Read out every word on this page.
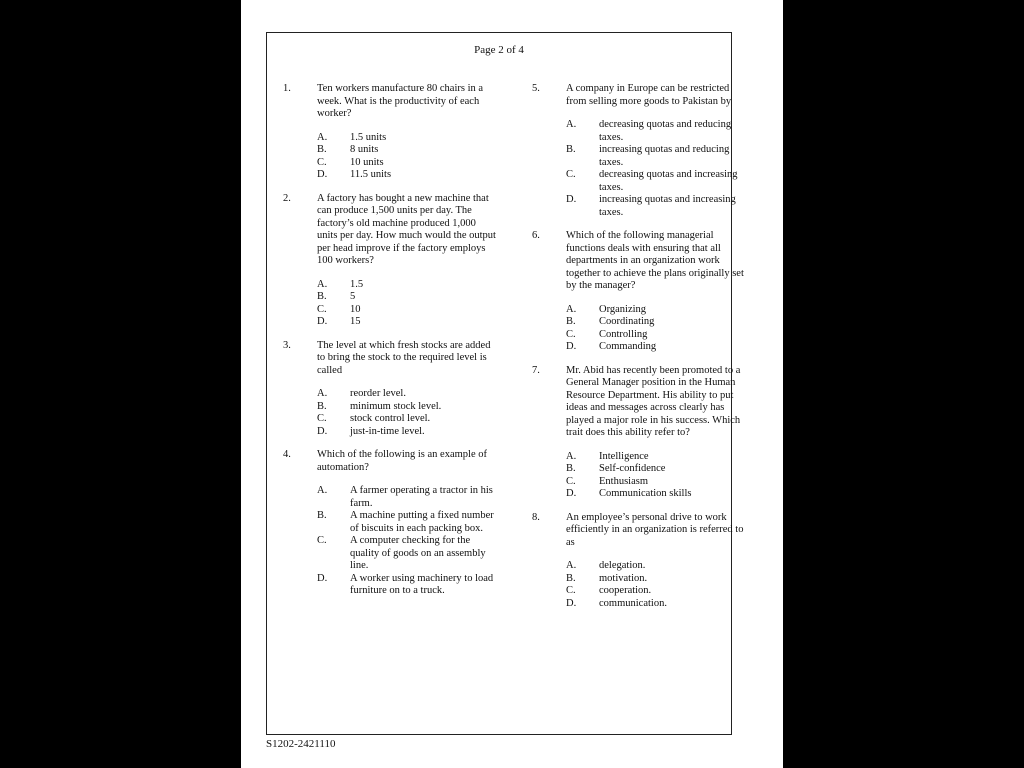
Page 2 of 4
1.	Ten workers manufacture 80 chairs in a week. What is the productivity of each worker?
A.	1.5 units
B.	8 units
C.	10 units
D.	11.5 units
2.	A factory has bought a new machine that can produce 1,500 units per day. The factory’s old machine produced 1,000 units per day. How much would the output per head improve if the factory employs 100 workers?
A.	1.5
B.	5
C.	10
D.	15
3.	The level at which fresh stocks are added to bring the stock to the required level is called
A.	reorder level.
B.	minimum stock level.
C.	stock control level.
D.	just-in-time level.
4.	Which of the following is an example of automation?
A.	A farmer operating a tractor in his farm.
B.	A machine putting a fixed number of biscuits in each packing box.
C.	A computer checking for the quality of goods on an assembly line.
D.	A worker using machinery to load furniture on to a truck.
5.	A company in Europe can be restricted from selling more goods to Pakistan by
A.	decreasing quotas and reducing taxes.
B.	increasing quotas and reducing taxes.
C.	decreasing quotas and increasing taxes.
D.	increasing quotas and increasing taxes.
6.	Which of the following managerial functions deals with ensuring that all departments in an organization work together to achieve the plans originally set by the manager?
A.	Organizing
B.	Coordinating
C.	Controlling
D.	Commanding
7.	Mr. Abid has recently been promoted to a General Manager position in the Human Resource Department. His ability to put ideas and messages across clearly has played a major role in his success. Which trait does this ability refer to?
A.	Intelligence
B.	Self-confidence
C.	Enthusiasm
D.	Communication skills
8.	An employee’s personal drive to work efficiently in an organization is referred to as
A.	delegation.
B.	motivation.
C.	cooperation.
D.	communication.
S1202-2421110
